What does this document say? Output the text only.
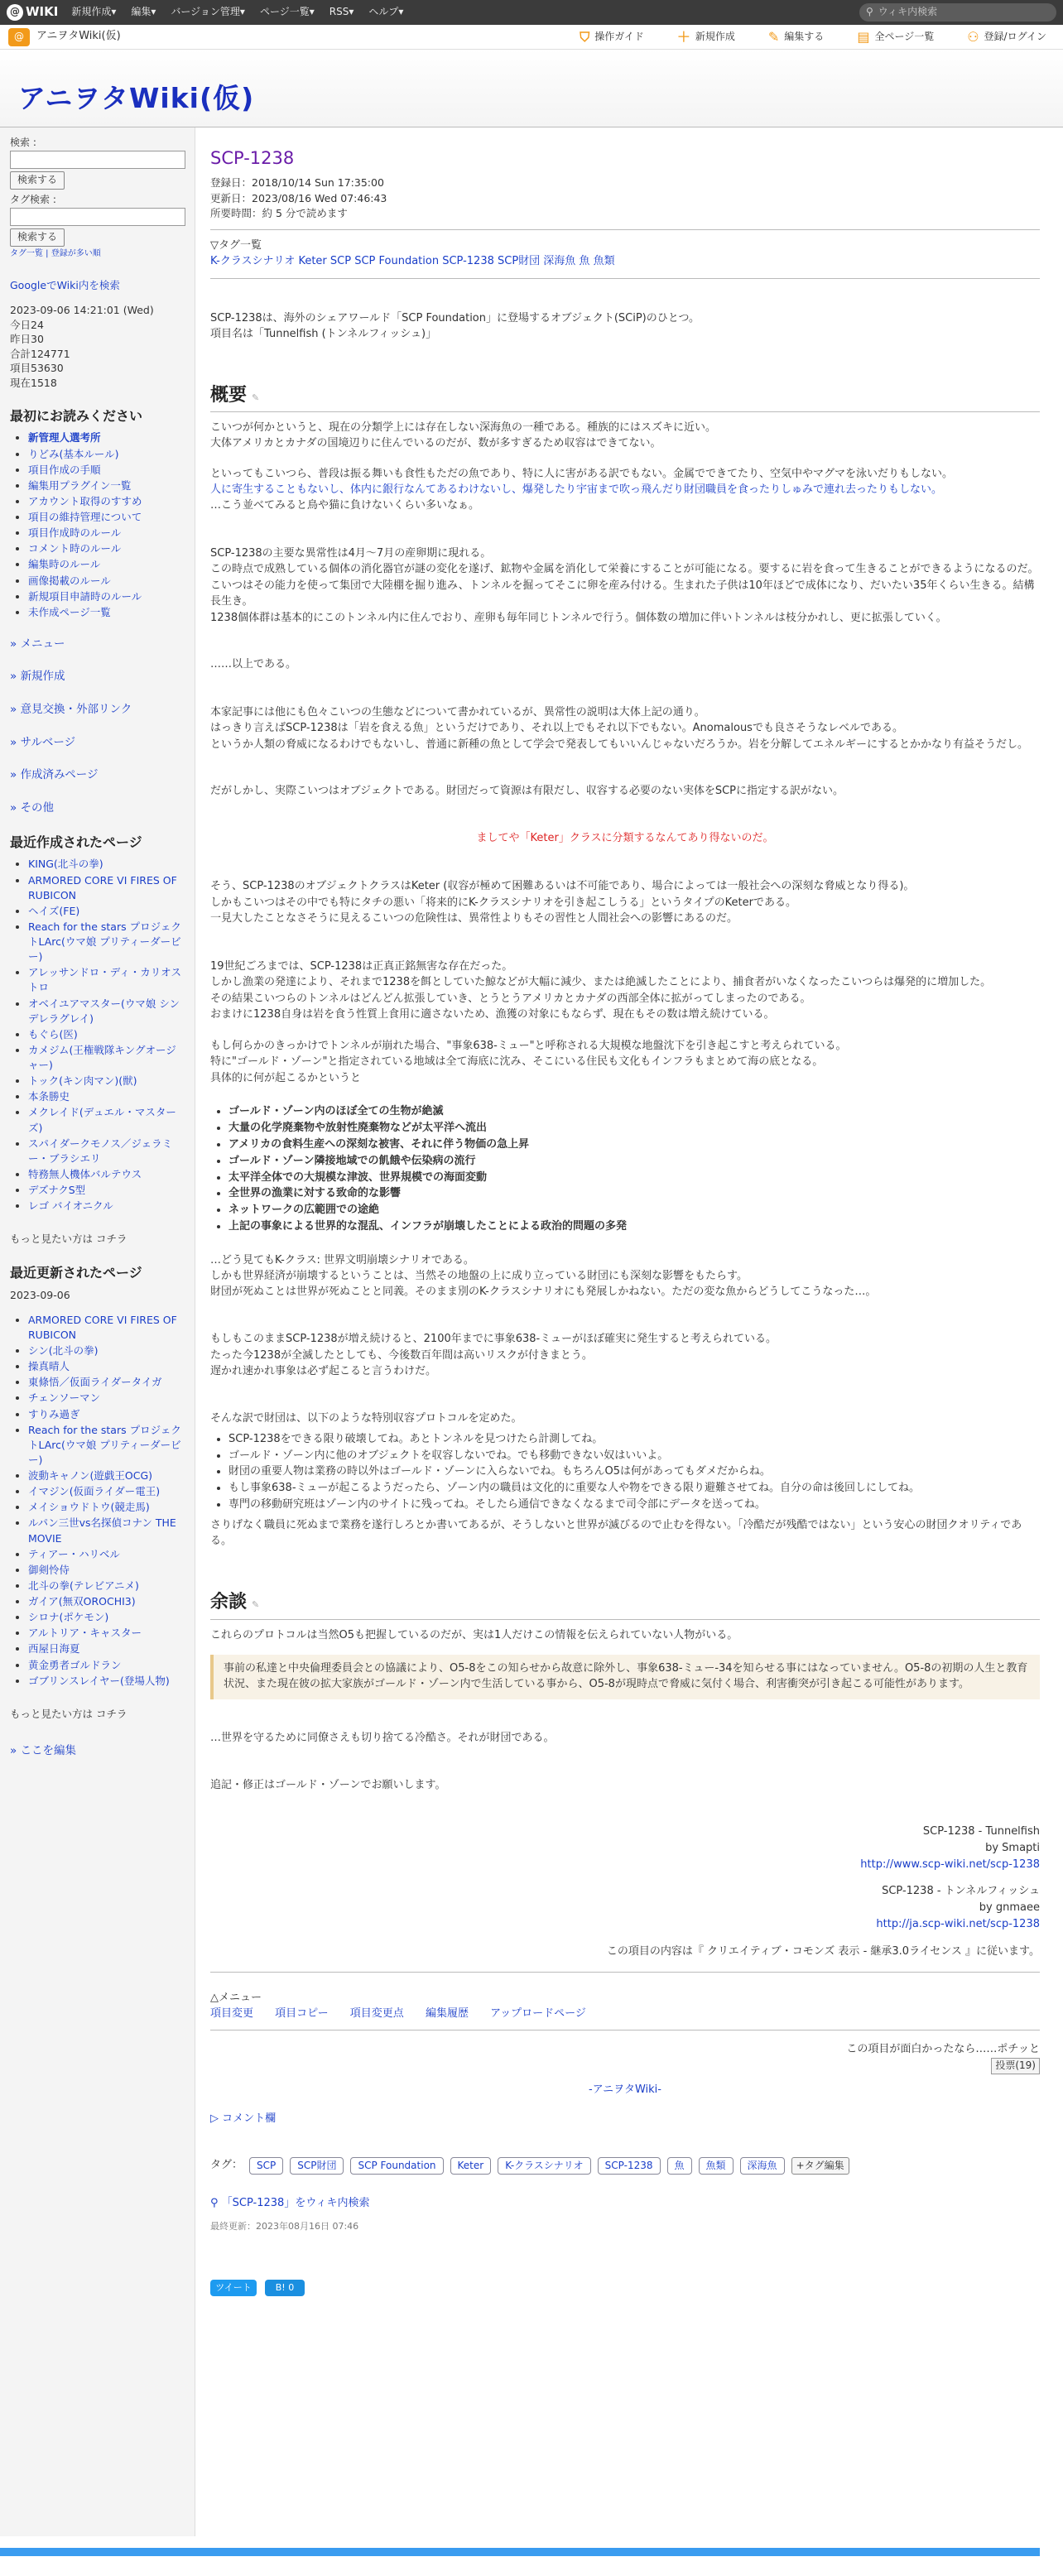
@ WIKI 新規作成▾ 編集▾ バージョン管理▾ ページ一覧▾ RSS▾ ヘルプ▾	⚲ ウィキ内検索
@	アニヲタWiki(仮)	⛉ 操作ガイド	＋ 新規作成	✎ 編集する	▤ 全ページ一覧	⚇ 登録/ログイン
アニヲタWiki(仮)
検索 :
検索する
タグ検索 :
検索する
タグ一覧 | 登録が多い順
GoogleでWiki内を検索
2023-09-06 14:21:01 (Wed)
今日24
昨日30
合計124771
項目53630
現在1518
最初にお読みください
• 新管理人選考所
• りどみ(基本ルール)
• 項目作成の手順
• 編集用プラグイン一覧
• アカウント取得のすすめ
• 項目の維持管理について
• 項目作成時のルール
• コメント時のルール
• 編集時のルール
• 画像掲載のルール
• 新規項目申請時のルール
• 未作成ページ一覧
» メニュー
» 新規作成
» 意見交換・外部リンク
» サルベージ
» 作成済みページ
» その他
最近作成されたページ
• KING(北斗の拳)
• ARMORED CORE VI FIRES OF RUBICON
• ヘイズ(FE)
• Reach for the stars プロジェクトLArc(ウマ娘 プリティーダービー)
• アレッサンドロ・ディ・カリオストロ
• オベイユアマスター(ウマ娘 シンデレラグレイ)
• もぐら(医)
• カメジム(王権戦隊キングオージャー)
• トック(キン肉マン)(獣)
• 本条勝史
• メクレイド(デュエル・マスターズ)
• スパイダークモノス／ジェラミー・ブラシエリ
• 特務無人機体バルテウス
• デズナクS型
• レゴ バイオニクル
もっと見たい方は コチラ
最近更新されたページ
2023-09-06
• ARMORED CORE VI FIRES OF RUBICON
• シン(北斗の拳)
• 操真晴人
• 東條悟／仮面ライダータイガ
• チェンソーマン
• すりみ過ぎ
• Reach for the stars プロジェクトLArc(ウマ娘 プリティーダービー)
• 波動キャノン(遊戯王OCG)
• イマジン(仮面ライダー電王)
• メイショウドトウ(競走馬)
• ルパン三世vs名探偵コナン THE MOVIE
• ティアー・ハリベル
• 御剣怜侍
• 北斗の拳(テレビアニメ)
• ガイア(無双OROCHI3)
• シロナ(ポケモン)
• アルトリア・キャスター
• 西屋日海夏
• 黄金勇者ゴルドラン
• ゴブリンスレイヤー(登場人物)
もっと見たい方は コチラ
» ここを編集
SCP-1238
登録日：2018/10/14 Sun 17:35:00
更新日：2023/08/16 Wed 07:46:43
所要時間：約 5 分で読めます
▽タグ一覧
K-クラスシナリオ Keter SCP SCP Foundation SCP-1238 SCP財団 深海魚 魚 魚類

SCP-1238は、海外のシェアワールド「SCP Foundation」に登場するオブジェクト(SCiP)のひとつ。

項目名は「Tunnelfish (トンネルフィッシュ)」

概要 ✎

こいつが何かというと、現在の分類学上には存在しない深海魚の一種である。種族的にはスズキに近い。

大体アメリカとカナダの国境辺りに住んでいるのだが、数が多すぎるため収容はできてない。

といってもこいつら、普段は振る舞いも食性もただの魚であり、特に人に害がある訳でもない。金属でできてたり、空気中やマグマを泳いだりもしない。

人に寄生することもないし、体内に銀行なんてあるわけないし、爆発したり宇宙まで吹っ飛んだり財団職員を食ったりしゅみで連れ去ったりもしない。

…こう並べてみると鳥や猫に負けないくらい多いなぁ。

SCP-1238の主要な異常性は4月〜7月の産卵期に現れる。

この時点で成熟している個体の消化器官が謎の変化を遂げ、鉱物や金属を消化して栄養にすることが可能になる。要するに岩を食って生きることができるようになるのだ。

こいつはその能力を使って集団で大陸棚を掘り進み、トンネルを掘ってそこに卵を産み付ける。生まれた子供は10年ほどで成体になり、だいたい35年くらい生きる。結構長生き。

1238個体群は基本的にこのトンネル内に住んでおり、産卵も毎年同じトンネルで行う。個体数の増加に伴いトンネルは枝分かれし、更に拡張していく。

……以上である。

本家記事には他にも色々こいつの生態などについて書かれているが、異常性の説明は大体上記の通り。

はっきり言えばSCP-1238は「岩を食える魚」というだけであり、それ以上でもそれ以下でもない。Anomalousでも良さそうなレベルである。

というか人類の脅威になるわけでもないし、普通に新種の魚として学会で発表してもいいんじゃないだろうか。岩を分解してエネルギーにするとかかなり有益そうだし。

だがしかし、実際こいつはオブジェクトである。財団だって資源は有限だし、収容する必要のない実体をSCPに指定する訳がない。
ましてや「Keter」クラスに分類するなんてあり得ないのだ。

そう、SCP-1238のオブジェクトクラスはKeter (収容が極めて困難あるいは不可能であり、場合によっては一般社会への深刻な脅威となり得る)。

しかもこいつはその中でも特にタチの悪い「将来的にK-クラスシナリオを引き起こしうる」というタイプのKeterである。

一見大したことなさそうに見えるこいつの危険性は、異常性よりもその習性と人間社会への影響にあるのだ。

19世紀ごろまでは、SCP-1238は正真正銘無害な存在だった。

しかし漁業の発達により、それまで1238を餌としていた鯨などが大幅に減少、または絶滅したことにより、捕食者がいなくなったこいつらは爆発的に増加した。

その結果こいつらのトンネルはどんどん拡張していき、とうとうアメリカとカナダの西部全体に拡がってしまったのである。

おまけに1238自身は岩を食う性質上食用に適さないため、漁獲の対象にもならず、現在もその数は増え続けている。

もし何らかのきっかけでトンネルが崩れた場合、"事象638-ミュー"と呼称される大規模な地盤沈下を引き起こすと考えられている。

特に"ゴールド・ゾーン"と指定されている地域は全て海底に沈み、そこにいる住民も文化もインフラもまとめて海の底となる。

具体的に何が起こるかというと

• ゴールド・ゾーン内のほぼ全ての生物が絶滅
• 大量の化学廃棄物や放射性廃棄物などが太平洋へ流出
• アメリカの食料生産への深刻な被害、それに伴う物価の急上昇
• ゴールド・ゾーン隣接地域での飢餓や伝染病の流行
• 太平洋全体での大規模な津波、世界規模での海面変動
• 全世界の漁業に対する致命的な影響
• ネットワークの広範囲での途絶
• 上記の事象による世界的な混乱、インフラが崩壊したことによる政治的問題の多発

…どう見てもK-クラス: 世界文明崩壊シナリオである。

しかも世界経済が崩壊するということは、当然その地盤の上に成り立っている財団にも深刻な影響をもたらす。

財団が死ぬことは世界が死ぬことと同義。そのまま別のK-クラスシナリオにも発展しかねない。ただの変な魚からどうしてこうなった…。

もしもこのままSCP-1238が増え続けると、2100年までに事象638-ミューがほぼ確実に発生すると考えられている。

たった今1238が全滅したとしても、今後数百年間は高いリスクが付きまとう。

遅かれ速かれ事象は必ず起こると言うわけだ。

そんな訳で財団は、以下のような特別収容プロトコルを定めた。
• SCP-1238をできる限り破壊してね。あとトンネルを見つけたら計測してね。
• ゴールド・ゾーン内に他のオブジェクトを収容しないでね。でも移動できない奴はいいよ。
• 財団の重要人物は業務の時以外はゴールド・ゾーンに入らないでね。もちろんO5は何があってもダメだからね。
• もし事象638-ミューが起こるようだったら、ゾーン内の職員は文化的に重要な人や物をできる限り避難させてね。自分の命は後回しにしてね。
• 専門の移動研究班はゾーン内のサイトに残ってね。そしたら通信できなくなるまで司令部にデータを送ってね。

さりげなく職員に死ぬまで業務を遂行しろとか書いてあるが、そうしないと世界が滅びるので止むを得ない。「冷酷だが残酷ではない」という安心の財団クオリティである。

余談 ✎

これらのプロトコルは当然O5も把握しているのだが、実は1人だけこの情報を伝えられていない人物がいる。

事前の私達と中央倫理委員会との協議により、O5-8をこの知らせから故意に除外し、事象638-ミュー-34を知らせる事にはなっていません。O5-8の初期の人生と教育状況、また現在彼の拡大家族がゴールド・ゾーン内で生活している事から、O5-8が現時点で脅威に気付く場合、利害衝突が引き起こる可能性があります。
…世界を守るために同僚さえも切り捨てる冷酷さ。それが財団である。
追記・修正はゴールド・ゾーンでお願いします。
SCP-1238 - Tunnelfish
by Smapti
http://www.scp-wiki.net/scp-1238
SCP-1238 - トンネルフィッシュ
by gnmaee
http://ja.scp-wiki.net/scp-1238
この項目の内容は『 クリエイティブ・コモンズ 表示 - 継承3.0ライセンス 』に従います。
△メニュー
項目変更 項目コピー 項目変更点 編集履歴 アップロードページ
この項目が面白かったなら……ポチッと
投票(19)
-アニヲタWiki-
▷ コメント欄
タグ：	SCP	SCP財団	SCP Foundation	Keter	K-クラスシナリオ	SCP-1238	魚	魚類	深海魚	+タグ編集
⚲ 「SCP-1238」をウィキ内検索
最終更新：2023年08月16日 07:46
ツイート	B! 0
